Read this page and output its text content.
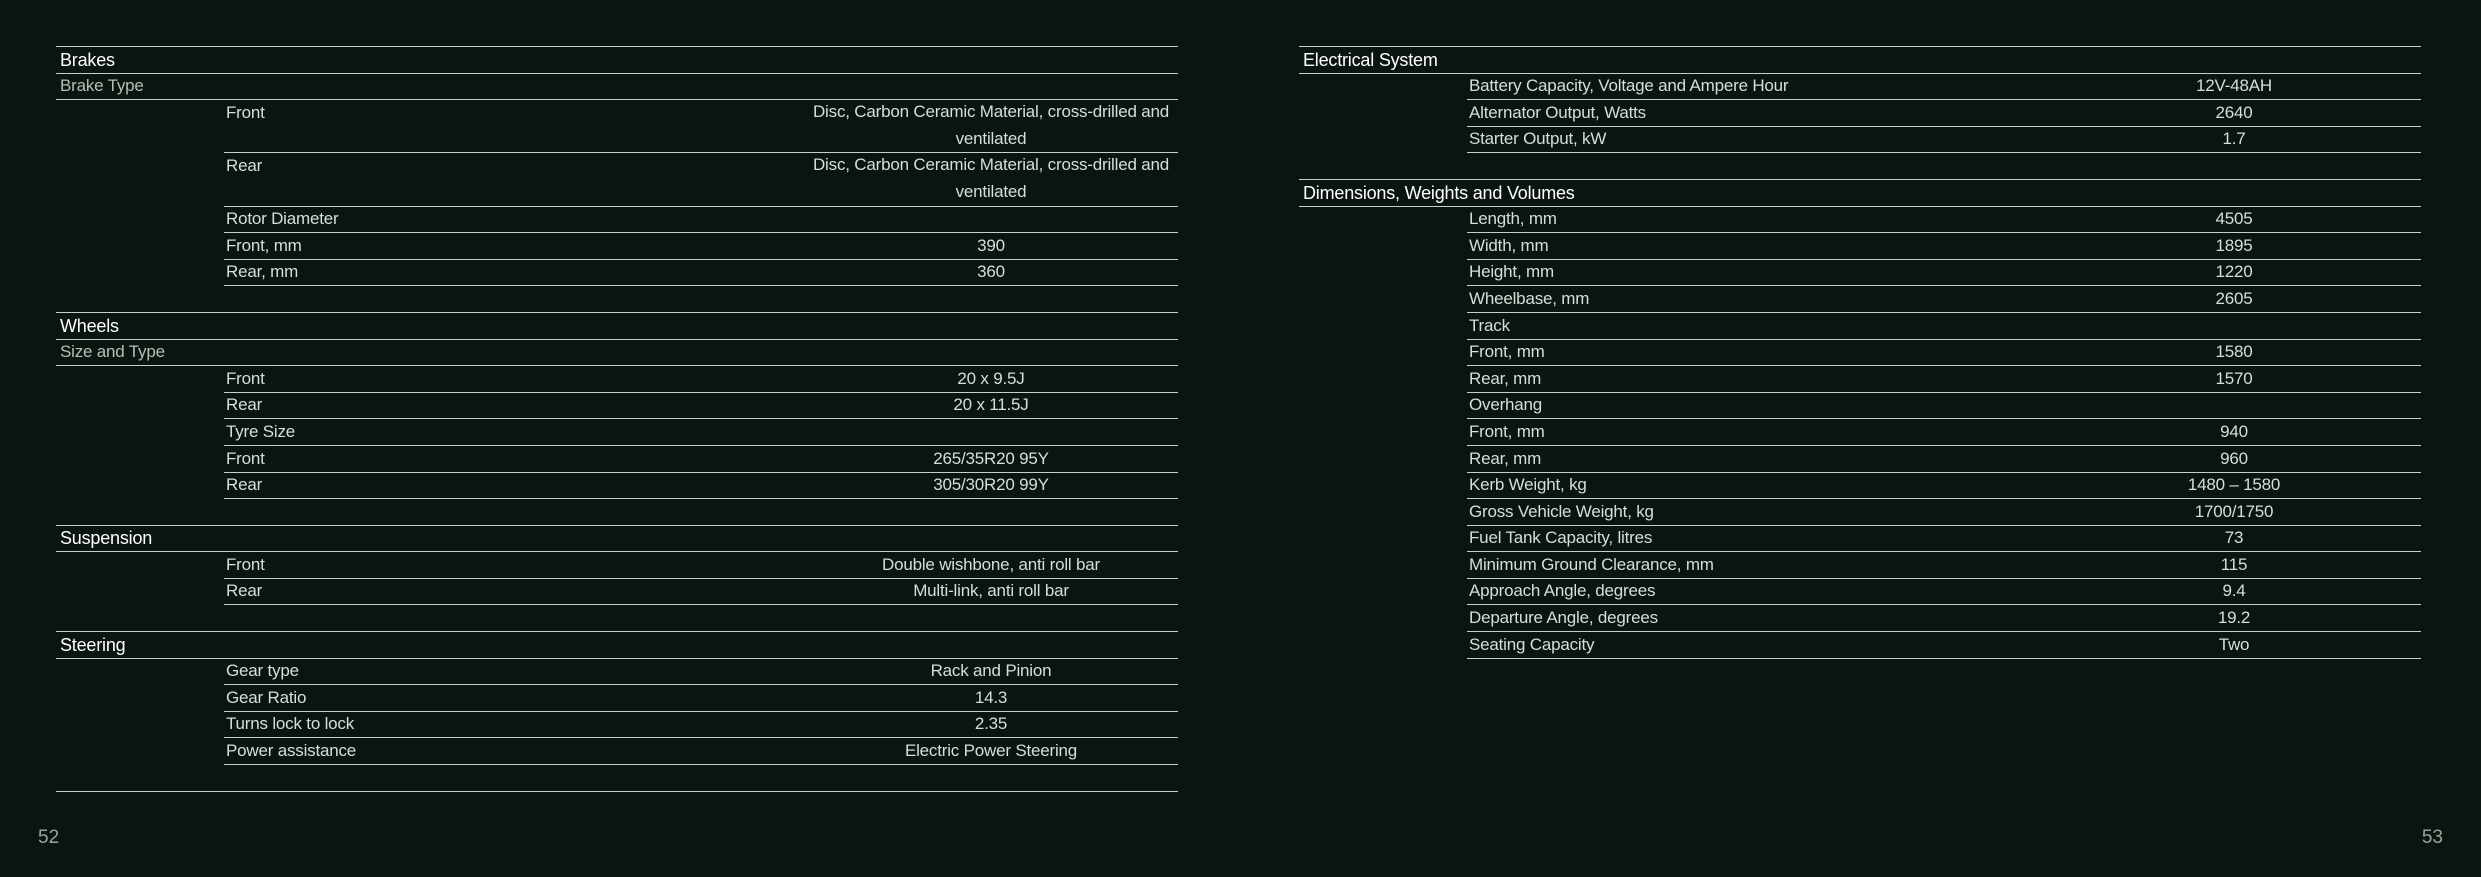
Brakes
Brake Type
Front	Disc, Carbon Ceramic Material, cross-drilled and ventilated
Rear	Disc, Carbon Ceramic Material, cross-drilled and ventilated
Rotor Diameter
Front, mm	390
Rear, mm	360
Wheels
Size and Type
Front	20 x 9.5J
Rear	20 x 11.5J
Tyre Size
Front	265/35R20 95Y
Rear	305/30R20 99Y
Suspension
Front	Double wishbone, anti roll bar
Rear	Multi-link, anti roll bar
Steering
Gear type	Rack and Pinion
Gear Ratio	14.3
Turns lock to lock	2.35
Power assistance	Electric Power Steering
Electrical System
Battery Capacity, Voltage and Ampere Hour	12V-48AH
Alternator Output, Watts	2640
Starter Output, kW	1.7
Dimensions, Weights and Volumes
Length, mm	4505
Width, mm	1895
Height, mm	1220
Wheelbase, mm	2605
Track
Front, mm	1580
Rear, mm	1570
Overhang
Front, mm	940
Rear, mm	960
Kerb Weight, kg	1480 – 1580
Gross Vehicle Weight, kg	1700/1750
Fuel Tank Capacity, litres	73
Minimum Ground Clearance, mm	115
Approach Angle, degrees	9.4
Departure Angle, degrees	19.2
Seating Capacity	Two
52	53
